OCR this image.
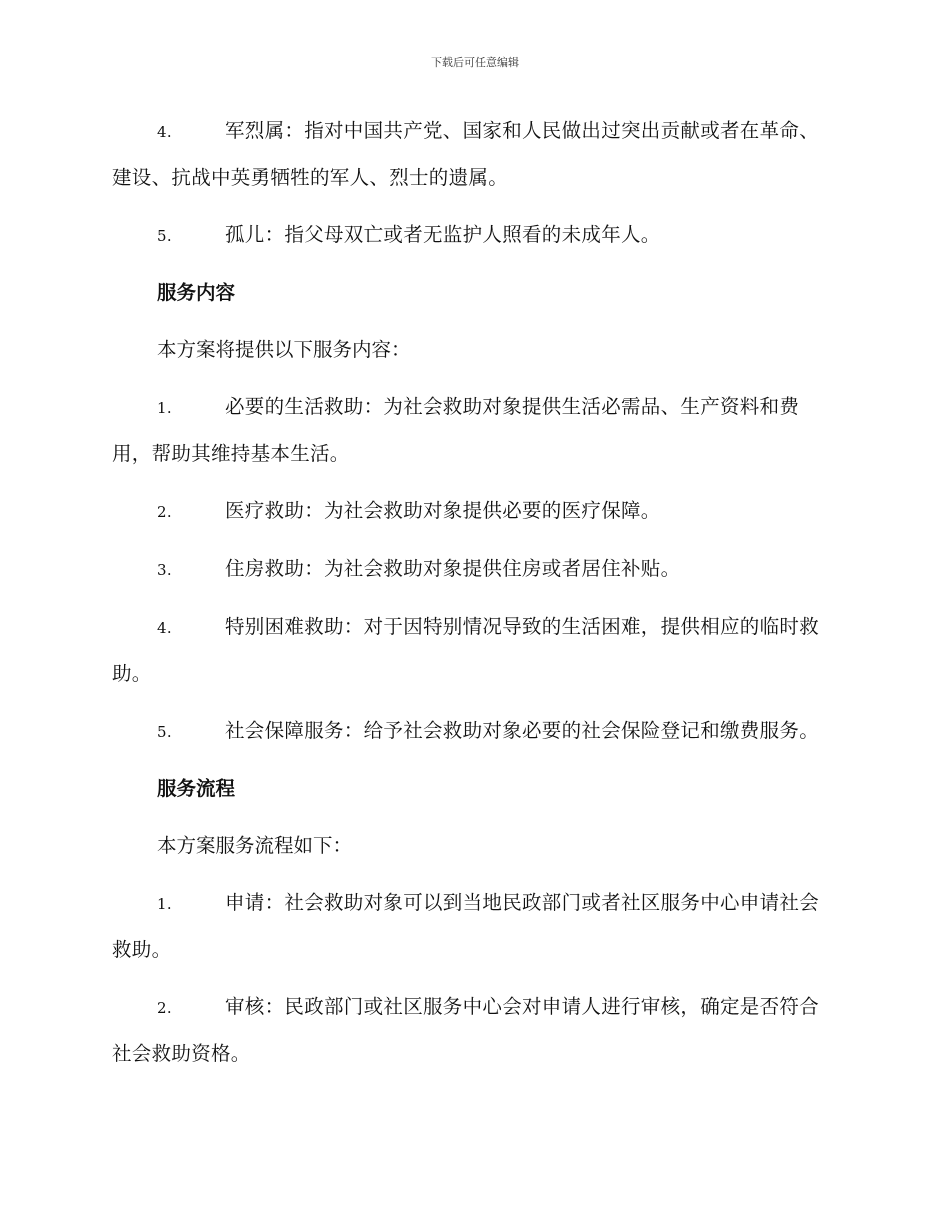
下载后可任意编辑
4.	军烈属：指对中国共产党、国家和人民做出过突出贡献或者在革命、建设、抗战中英勇牺牲的军人、烈士的遗属。
5.	孤儿：指父母双亡或者无监护人照看的未成年人。
服务内容
本方案将提供以下服务内容：
1.	必要的生活救助：为社会救助对象提供生活必需品、生产资料和费用，帮助其维持基本生活。
2.	医疗救助：为社会救助对象提供必要的医疗保障。
3.	住房救助：为社会救助对象提供住房或者居住补贴。
4.	特别困难救助：对于因特别情况导致的生活困难，提供相应的临时救助。
5.	社会保障服务：给予社会救助对象必要的社会保险登记和缴费服务。
服务流程
本方案服务流程如下：
1.	申请：社会救助对象可以到当地民政部门或者社区服务中心申请社会救助。
2.	审核：民政部门或社区服务中心会对申请人进行审核，确定是否符合社会救助资格。
